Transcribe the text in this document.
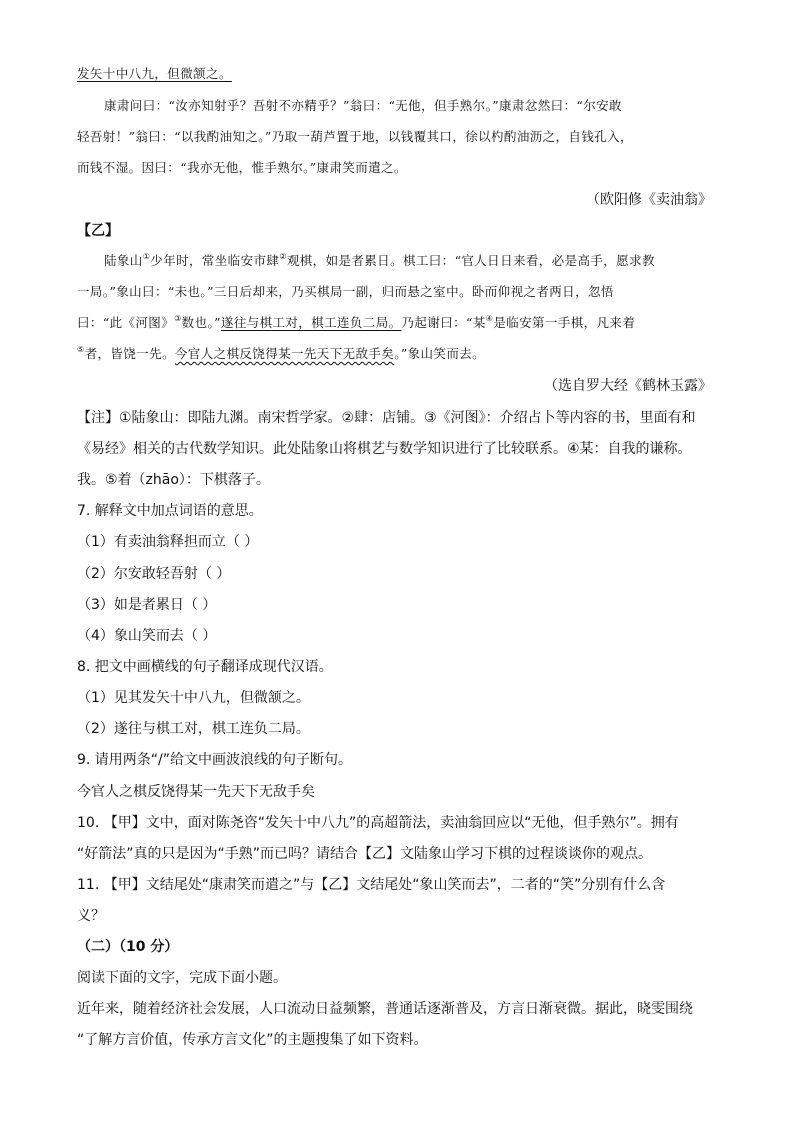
发矢十中八九，但微颔之。
康肃问曰：“汝亦知射乎？吾射不亦精乎？”翁曰：“无他，但手熟尔。”康肃忿然曰：“尔安敢
轻吾射！”翁曰：“以我酌油知之。”乃取一葫芦置于地，以钱覆其口，徐以杓酌油沥之，自钱孔入，
而钱不湿。因曰：“我亦无他，惟手熟尔。”康肃笑而遣之。
（欧阳修《卖油翁》
【乙】
陆象山①少年时，常坐临安市肆②观棋，如是者累日。棋工曰：“官人日日来看，必是高手，愿求教
一局。”象山曰：“未也。”三日后却来，乃买棋局一副，归而悬之室中。卧而仰视之者两日，忽悟
曰：“此《河图》③数也。”遂往与棋工对，棋工连负二局。乃起谢曰：“某④是临安第一手棋，凡来着
⑤者，皆饶一先。今官人之棋反饶得某一先天下无敌手矣。”象山笑而去。
（选自罗大经《鹤林玉露》
【注】①陆象山：即陆九渊。南宋哲学家。②肆：店铺。③《河图》：介绍占卜等内容的书，里面有和
《易经》相关的古代数学知识。此处陆象山将棋艺与数学知识进行了比较联系。④某：自我的谦称。
我。⑤着（zhāo）：下棋落子。
7. 解释文中加点词语的意思。
（1）有卖油翁释担而立（ ）
（2）尔安敢轻吾射（ ）
（3）如是者累日（ ）
（4）象山笑而去（ ）
8. 把文中画横线的句子翻译成现代汉语。
（1）见其发矢十中八九，但微颔之。
（2）遂往与棋工对，棋工连负二局。
9. 请用两条“/”给文中画波浪线的句子断句。
今官人之棋反饶得某一先天下无敌手矣
10. 【甲】文中，面对陈尧咨“发矢十中八九”的高超箭法，卖油翁回应以“无他，但手熟尔”。拥有
“好箭法”真的只是因为“手熟”而已吗？请结合【乙】文陆象山学习下棋的过程谈谈你的观点。
11. 【甲】文结尾处“康肃笑而遣之”与【乙】文结尾处“象山笑而去”，二者的“笑”分别有什么含
义？
（二）（10 分）
阅读下面的文字，完成下面小题。
近年来，随着经济社会发展，人口流动日益频繁，普通话逐渐普及，方言日渐衰微。据此，晓雯围绕
“了解方言价值，传承方言文化”的主题搜集了如下资料。
